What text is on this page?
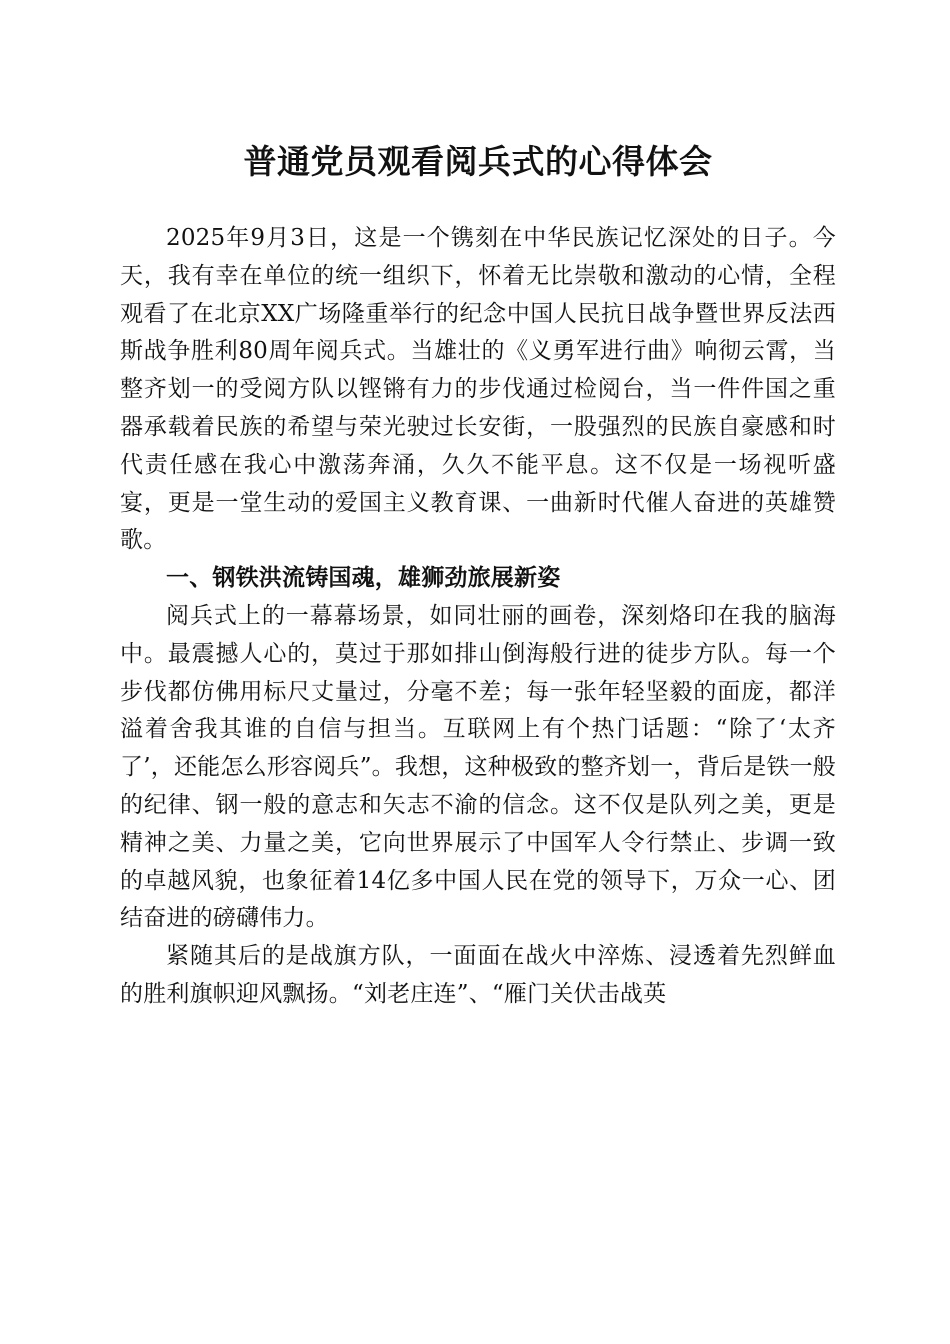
普通党员观看阅兵式的心得体会

2025年9月3日，这是一个镌刻在中华民族记忆深处的日子。今天，我有幸在单位的统一组织下，怀着无比崇敬和激动的心情，全程观看了在北京XX广场隆重举行的纪念中国人民抗日战争暨世界反法西斯战争胜利80周年阅兵式。当雄壮的《义勇军进行曲》响彻云霄，当整齐划一的受阅方队以铿锵有力的步伐通过检阅台，当一件件国之重器承载着民族的希望与荣光驶过长安街，一股强烈的民族自豪感和时代责任感在我心中激荡奔涌，久久不能平息。这不仅是一场视听盛宴，更是一堂生动的爱国主义教育课、一曲新时代催人奋进的英雄赞歌。

一、钢铁洪流铸国魂，雄狮劲旅展新姿

阅兵式上的一幕幕场景，如同壮丽的画卷，深刻烙印在我的脑海中。最震撼人心的，莫过于那如排山倒海般行进的徒步方队。每一个步伐都仿佛用标尺丈量过，分毫不差；每一张年轻坚毅的面庞，都洋溢着舍我其谁的自信与担当。互联网上有个热门话题：“除了‘太齐了’，还能怎么形容阅兵”。我想，这种极致的整齐划一，背后是铁一般的纪律、钢一般的意志和矢志不渝的信念。这不仅是队列之美，更是精神之美、力量之美，它向世界展示了中国军人令行禁止、步调一致的卓越风貌，也象征着14亿多中国人民在党的领导下，万众一心、团结奋进的磅礴伟力。

紧随其后的是战旗方队，一面面在战火中淬炼、浸透着先烈鲜血的胜利旗帜迎风飘扬。“刘老庄连”、“雁门关伏击战英
